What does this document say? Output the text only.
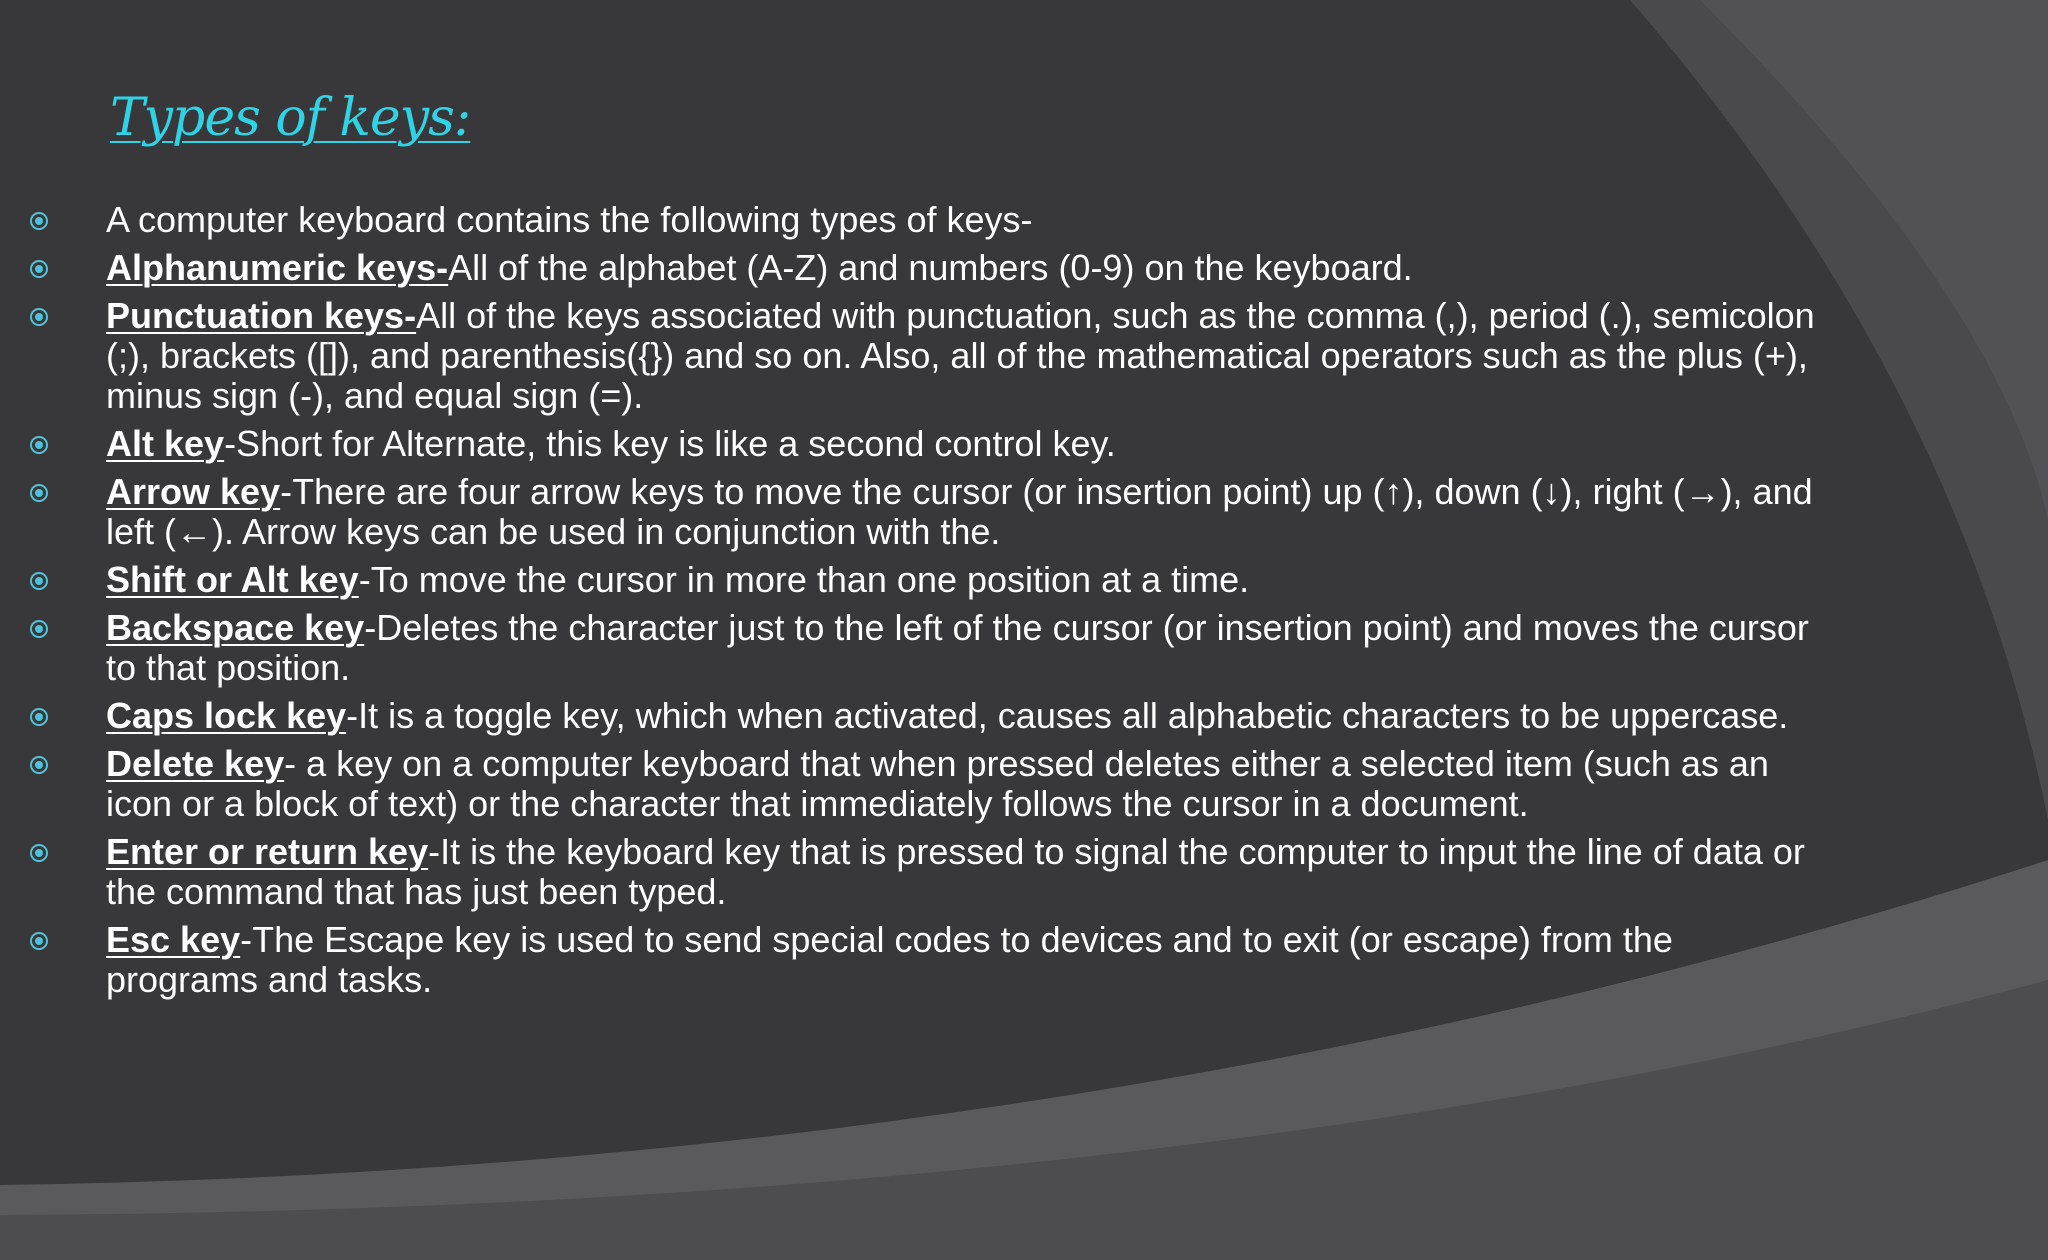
Types of keys:
A computer keyboard contains the following types of keys-
Alphanumeric keys-All of the alphabet (A-Z) and numbers (0-9) on the keyboard.
Punctuation keys-All of the keys associated with punctuation, such as the comma (,), period (.), semicolon (;), brackets ([]), and parenthesis({}) and so on. Also, all of the mathematical operators such as the plus (+), minus sign (-), and equal sign (=).
Alt key-Short for Alternate, this key is like a second control key.
Arrow key-There are four arrow keys to move the cursor (or insertion point) up (↑), down (↓), right (→), and left (←). Arrow keys can be used in conjunction with the.
Shift or Alt key-To move the cursor in more than one position at a time.
Backspace key-Deletes the character just to the left of the cursor (or insertion point) and moves the cursor to that position.
Caps lock key-It is a toggle key, which when activated, causes all alphabetic characters to be uppercase.
Delete key- a key on a computer keyboard that when pressed deletes either a selected item (such as an icon or a block of text) or the character that immediately follows the cursor in a document.
Enter or return key-It is the keyboard key that is pressed to signal the computer to input the line of data or the command that has just been typed.
Esc key-The Escape key is used to send special codes to devices and to exit (or escape) from the programs and tasks.
